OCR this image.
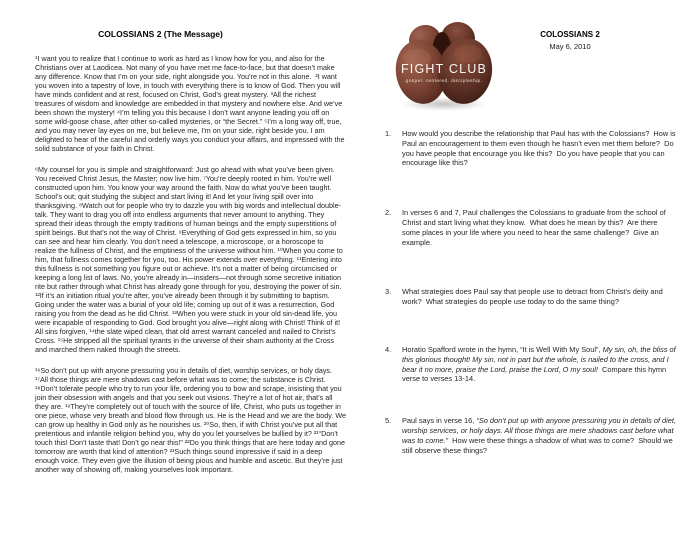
COLOSSIANS 2 (The Message)

¹I want you to realize that I continue to work as hard as I know how for you, and also for the Christians over at Laodicea. Not many of you have met me face-to-face, but that doesn’t make any difference. Know that I’m on your side, right alongside you. You’re not in this alone.  ²I want you woven into a tapestry of love, in touch with everything there is to know of God. Then you will have minds confident and at rest, focused on Christ, God’s great mystery. ³All the richest treasures of wisdom and knowledge are embedded in that mystery and nowhere else. And we’ve been shown the mystery! ⁴I’m telling you this because I don’t want anyone leading you off on some wild-goose chase, after other so-called mysteries, or “the Secret.” ⁵I’m a long way off, true, and you may never lay eyes on me, but believe me, I’m on your side, right beside you. I am delighted to hear of the careful and orderly ways you conduct your affairs, and impressed with the solid substance of your faith in Christ.

⁶My counsel for you is simple and straightforward: Just go ahead with what you’ve been given. You received Christ Jesus, the Master; now live him. ⁷You’re deeply rooted in him. You’re well constructed upon him. You know your way around the faith. Now do what you’ve been taught. School’s out; quit studying the subject and start living it! And let your living spill over into thanksgiving. ⁸Watch out for people who try to dazzle you with big words and intellectual double-talk. They want to drag you off into endless arguments that never amount to anything. They spread their ideas through the empty traditions of human beings and the empty superstitions of spirit beings. But that’s not the way of Christ. ⁹Everything of God gets expressed in him, so you can see and hear him clearly. You don’t need a telescope, a microscope, or a horoscope to realize the fullness of Christ, and the emptiness of the universe without him. ¹⁰When you come to him, that fullness comes together for you, too. His power extends over everything. ¹¹Entering into this fullness is not something you figure out or achieve. It’s not a matter of being circumcised or keeping a long list of laws. No, you’re already in—insiders—not through some secretive initiation rite but rather through what Christ has already gone through for you, destroying the power of sin. ¹²If it’s an initiation ritual you’re after, you’ve already been through it by submitting to baptism. Going under the water was a burial of your old life; coming up out of it was a resurrection, God raising you from the dead as he did Christ. ¹³When you were stuck in your old sin-dead life, you were incapable of responding to God. God brought you alive—right along with Christ! Think of it! All sins forgiven, ¹⁴the slate wiped clean, that old arrest warrant canceled and nailed to Christ’s Cross. ¹⁵He stripped all the spiritual tyrants in the universe of their sham authority at the Cross and marched them naked through the streets.

¹⁶So don’t put up with anyone pressuring you in details of diet, worship services, or holy days. ¹⁷All those things are mere shadows cast before what was to come; the substance is Christ. ¹⁸Don’t tolerate people who try to run your life, ordering you to bow and scrape, insisting that you join their obsession with angels and that you seek out visions. They’re a lot of hot air, that’s all they are. ¹⁹They’re completely out of touch with the source of life, Christ, who puts us together in one piece, whose very breath and blood flow through us. He is the Head and we are the body. We can grow up healthy in God only as he nourishes us. ²⁰So, then, if with Christ you’ve put all that pretentious and infantile religion behind you, why do you let yourselves be bullied by it? ²¹“Don’t touch this! Don’t taste that! Don’t go near this!” ²²Do you think things that are here today and gone tomorrow are worth that kind of attention? ²³Such things sound impressive if said in a deep enough voice. They even give the illusion of being pious and humble and ascetic. But they’re just another way of showing off, making yourselves look important.

FIGHT CLUB
gospel. centered. discipleship.
COLOSSIANS 2
May 6, 2010
1.	How would you describe the relationship that Paul has with the Colossians?  How is Paul an encouragement to them even though he hasn’t even met them before?  Do you have people that encourage you like this?  Do you have people that you can encourage like this?
2.	In verses 6 and 7, Paul challenges the Colossians to graduate from the school of Christ and start living what they know.  What does he mean by this?  Are there some places in your life where you need to hear the same challenge?  Give an example.
3.	What strategies does Paul say that people use to detract from Christ’s deity and work?  What strategies do people use today to do the same thing?
4.	Horatio Spafford wrote in the hymn, “It is Well With My Soul”, My sin, oh, the bliss of this glorious thought! My sin, not in part but the whole, is nailed to the cross, and I bear it no more, praise the Lord, praise the Lord, O my soul!  Compare this hymn verse to verses 13-14.
5.	Paul says in verse 16, “So don’t put up with anyone pressuring you in details of diet, worship services, or holy days. All those things are mere shadows cast before what was to come.”  How were these things a shadow of what was to come?  Should we still observe these things?
